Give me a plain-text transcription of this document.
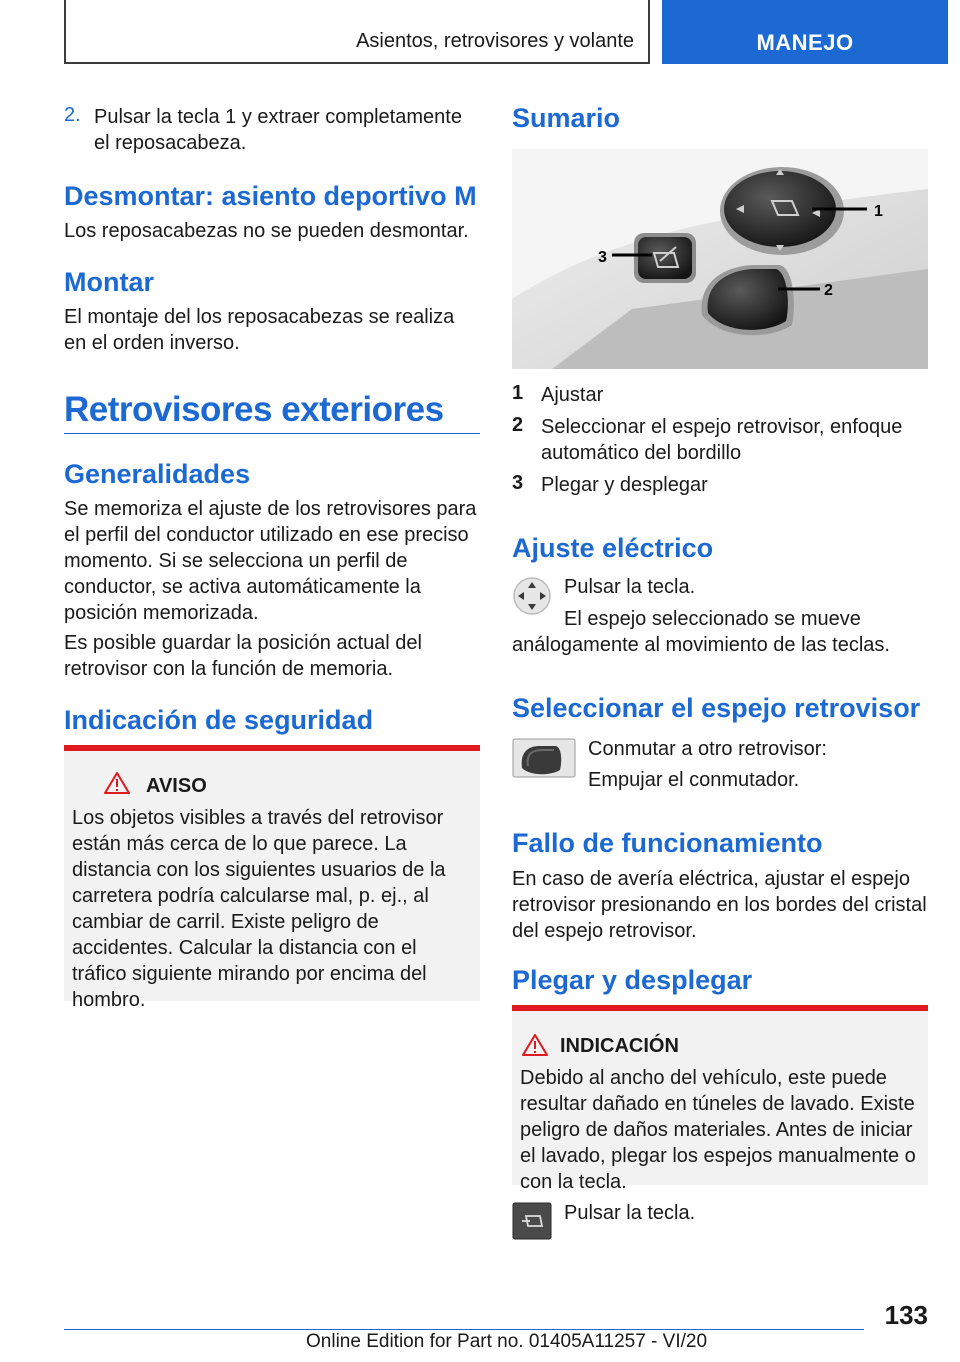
Asientos, retrovisores y volante	MANEJO
2. Pulsar la tecla 1 y extraer completamente el reposacabeza.
Desmontar: asiento deportivo M
Los reposacabezas no se pueden desmontar.
Montar
El montaje del los reposacabezas se realiza en el orden inverso.
Retrovisores exteriores
Generalidades
Se memoriza el ajuste de los retrovisores para el perfil del conductor utilizado en ese preciso momento. Si se selecciona un perfil de conductor, se activa automáticamente la posición memorizada.
Es posible guardar la posición actual del retrovisor con la función de memoria.
Indicación de seguridad
AVISO
Los objetos visibles a través del retrovisor están más cerca de lo que parece. La distancia con los siguientes usuarios de la carretera podría calcularse mal, p. ej., al cambiar de carril. Existe peligro de accidentes. Calcular la distancia con el tráfico siguiente mirando por encima del hombro.
Sumario
1
3
2
1 Ajustar
2 Seleccionar el espejo retrovisor, enfoque automático del bordillo
3 Plegar y desplegar
Ajuste eléctrico
Pulsar la tecla.
El espejo seleccionado se mueve análogamente al movimiento de las teclas.
Seleccionar el espejo retrovisor
Conmutar a otro retrovisor:
Empujar el conmutador.
Fallo de funcionamiento
En caso de avería eléctrica, ajustar el espejo retrovisor presionando en los bordes del cristal del espejo retrovisor.
Plegar y desplegar
INDICACIÓN
Debido al ancho del vehículo, este puede resultar dañado en túneles de lavado. Existe peligro de daños materiales. Antes de iniciar el lavado, plegar los espejos manualmente o con la tecla.
Pulsar la tecla.
133
Online Edition for Part no. 01405A11257 - VI/20
